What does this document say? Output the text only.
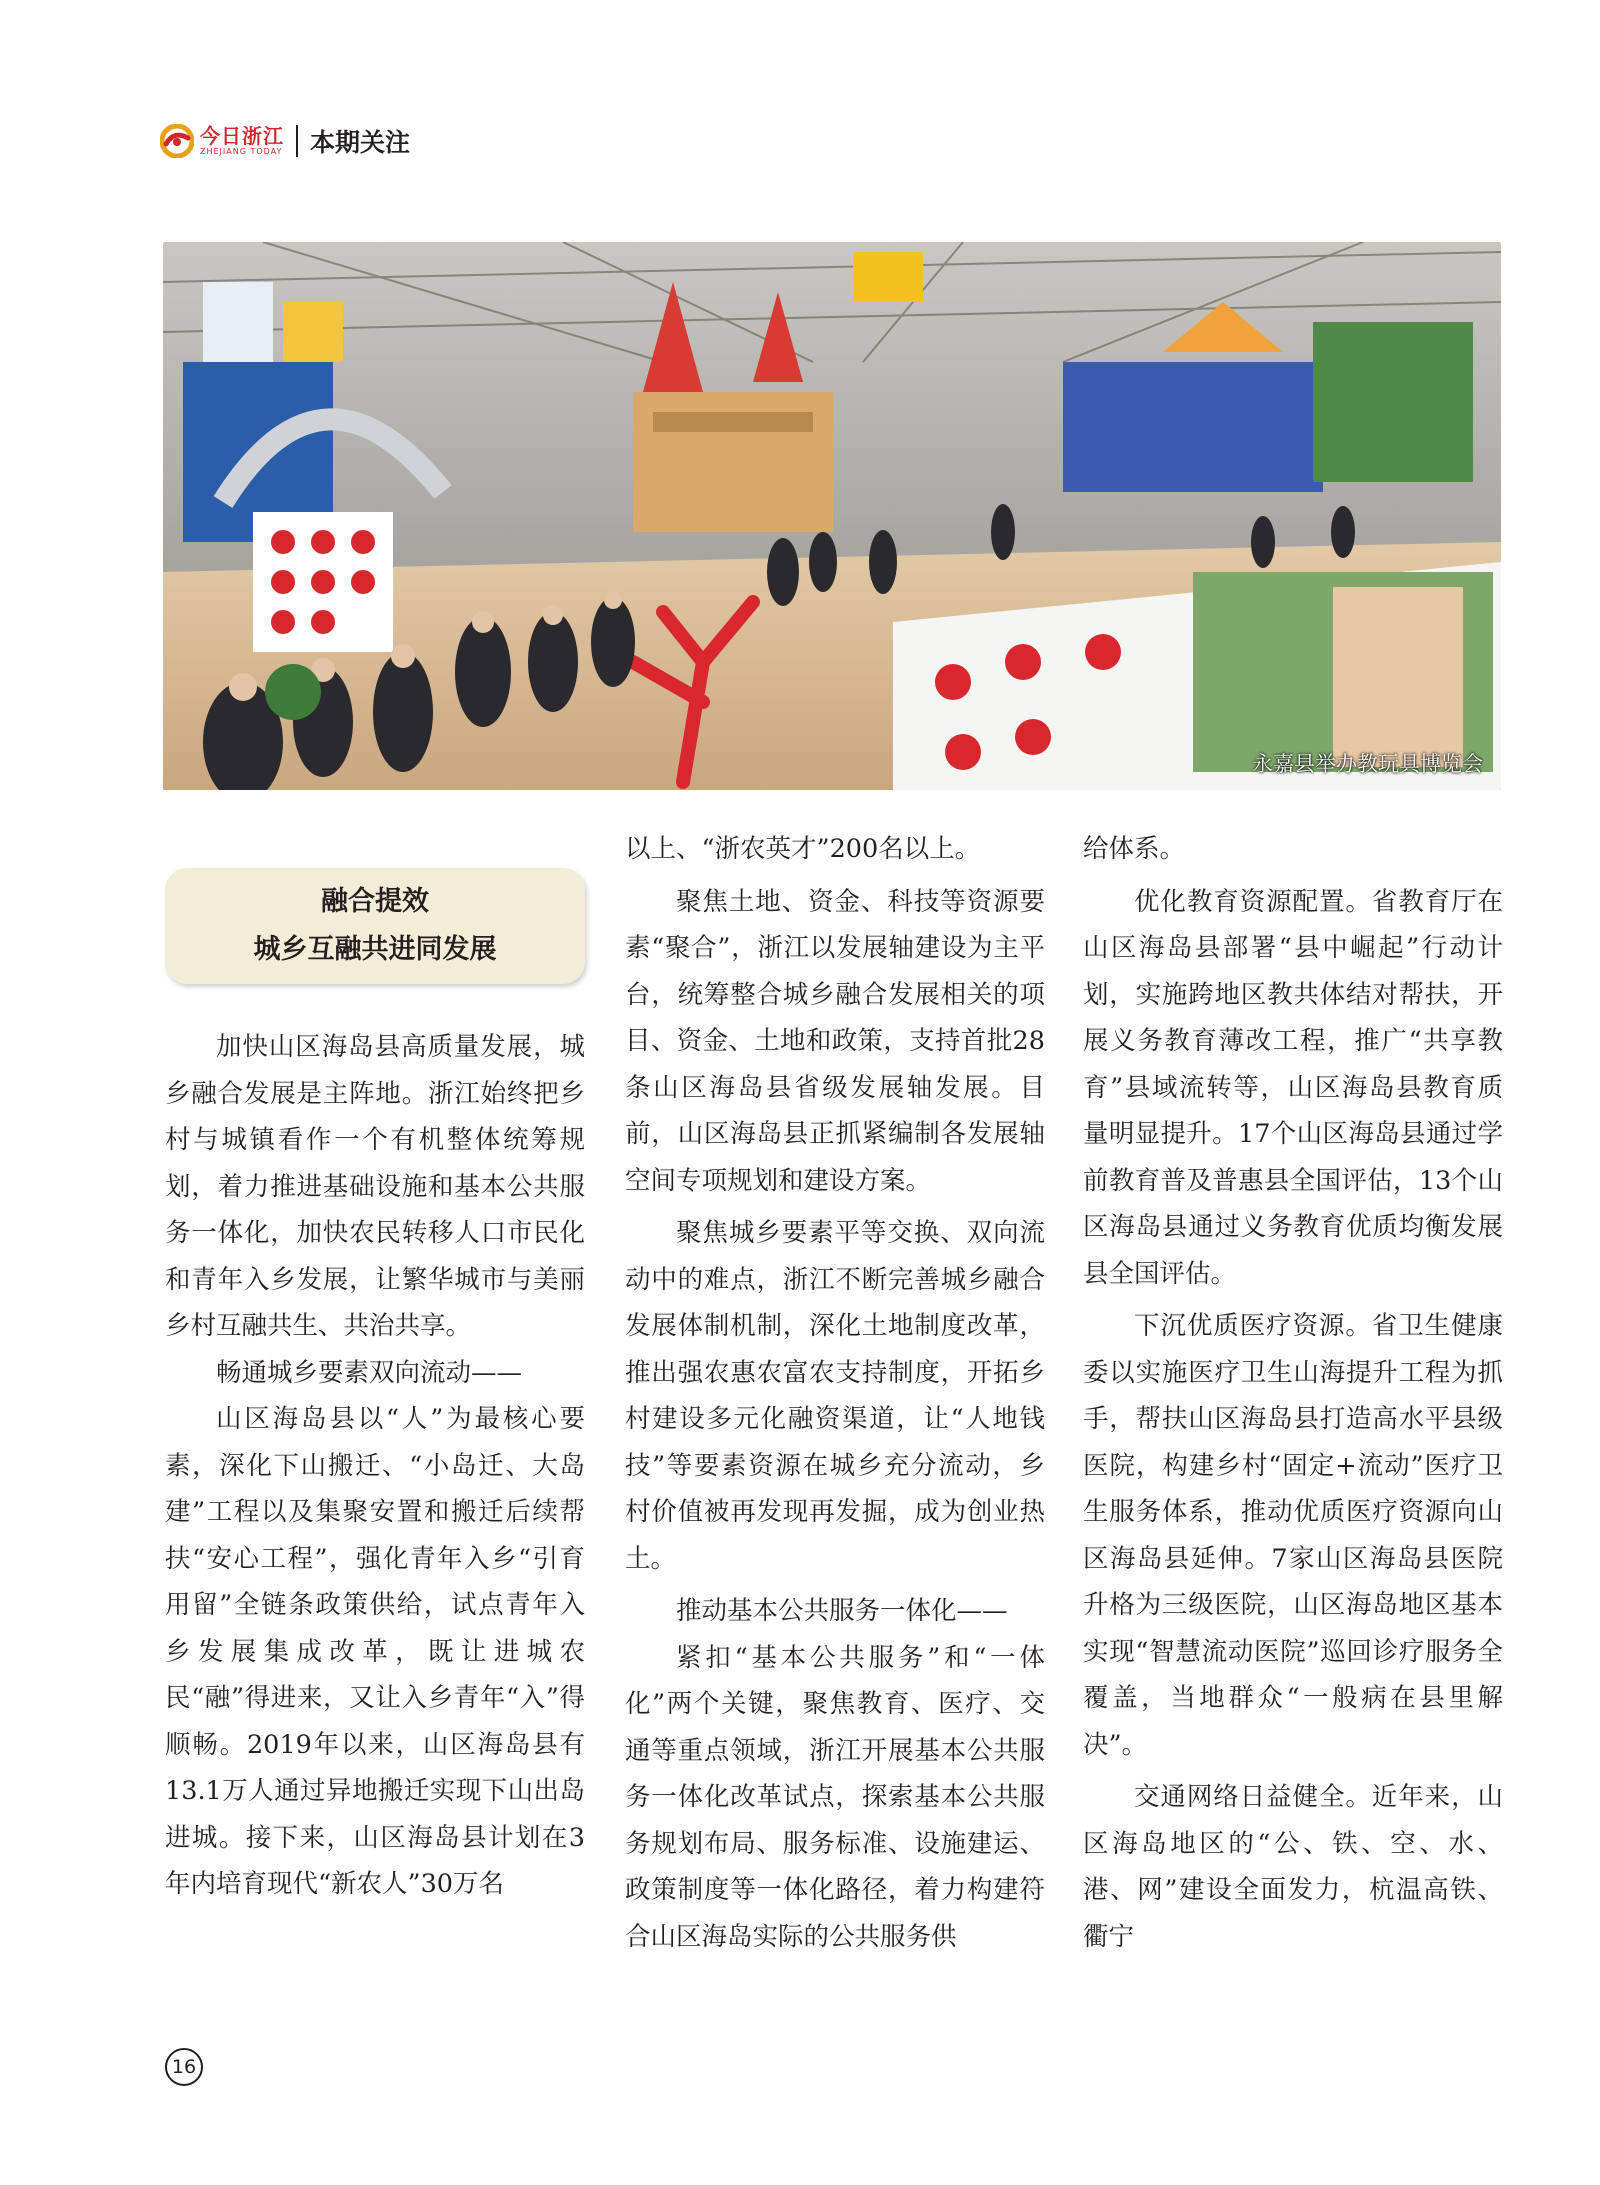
今日浙江
ZHEJIANG TODAY 本期关注
永嘉县举办教玩具博览会
融合提效
城乡互融共进同发展

加快山区海岛县高质量发展，城乡融合发展是主阵地。浙江始终把乡村与城镇看作一个有机整体统筹规划，着力推进基础设施和基本公共服务一体化，加快农民转移人口市民化和青年入乡发展，让繁华城市与美丽乡村互融共生、共治共享。

畅通城乡要素双向流动——

山区海岛县以“人”为最核心要素，深化下山搬迁、“小岛迁、大岛建”工程以及集聚安置和搬迁后续帮扶“安心工程”，强化青年入乡“引育用留”全链条政策供给，试点青年入乡发展集成改革，既让进城农民“融”得进来，又让入乡青年“入”得顺畅。2019年以来，山区海岛县有13.1万人通过异地搬迁实现下山出岛进城。接下来，山区海岛县计划在3年内培育现代“新农人”30万名

以上、“浙农英才”200名以上。

聚焦土地、资金、科技等资源要素“聚合”，浙江以发展轴建设为主平台，统筹整合城乡融合发展相关的项目、资金、土地和政策，支持首批28条山区海岛县省级发展轴发展。目前，山区海岛县正抓紧编制各发展轴空间专项规划和建设方案。

聚焦城乡要素平等交换、双向流动中的难点，浙江不断完善城乡融合发展体制机制，深化土地制度改革，推出强农惠农富农支持制度，开拓乡村建设多元化融资渠道，让“人地钱技”等要素资源在城乡充分流动，乡村价值被再发现再发掘，成为创业热土。

推动基本公共服务一体化——

紧扣“基本公共服务”和“一体化”两个关键，聚焦教育、医疗、交通等重点领域，浙江开展基本公共服务一体化改革试点，探索基本公共服务规划布局、服务标准、设施建运、政策制度等一体化路径，着力构建符合山区海岛实际的公共服务供

给体系。

优化教育资源配置。省教育厅在山区海岛县部署“县中崛起”行动计划，实施跨地区教共体结对帮扶，开展义务教育薄改工程，推广“共享教育”县域流转等，山区海岛县教育质量明显提升。17个山区海岛县通过学前教育普及普惠县全国评估，13个山区海岛县通过义务教育优质均衡发展县全国评估。

下沉优质医疗资源。省卫生健康委以实施医疗卫生山海提升工程为抓手，帮扶山区海岛县打造高水平县级医院，构建乡村“固定+流动”医疗卫生服务体系，推动优质医疗资源向山区海岛县延伸。7家山区海岛县医院升格为三级医院，山区海岛地区基本实现“智慧流动医院”巡回诊疗服务全覆盖，当地群众“一般病在县里解决”。

交通网络日益健全。近年来，山区海岛地区的“公、铁、空、水、港、网”建设全面发力，杭温高铁、衢宁

16
